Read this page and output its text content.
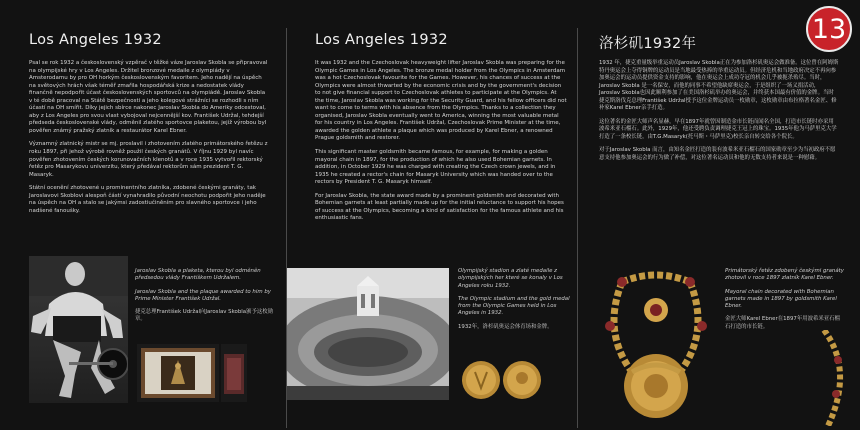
Los Angeles 1932

Psal se rok 1932 a československý vzpěrač v těžké váze Jaroslav Skobla se připravoval na olympijské hry v Los Angeles. Držitel bronzové medaile z olympiády v Amsterodamu by pro OH horkým československým favoritem. Jeho nadějí na úspěch na světových hrách však téměř zmařila hospodářská krize a nedostatek vlády finančně nepodpořit účast československých sportovců na olympiádě. Jaroslav Skobla v té době pracoval na Státě bezpečnosti a jeho kolegové strážníci se rozhodli s ním účastí na OH smířit. Díky jejich sbírce nakonec Jaroslav Skobla do Ameriky odcestoval, aby z Los Angeles pro svou vlast vybojoval nejcennější kov. František Udržal, tehdejší předseda československé vlády, odměnil zlatého sportovce plaketou, jejíž výrobou byl pověřen známý pražský zlatník a restaurátor Karel Ebner.

Významný zlatnický mistr se mj. proslavil i zhotovením zlatého primátorského řetězu z roku 1897, při jehož výrobě rovněž použil českých granátů. V říjnu 1929 byl navíc pověřen zhotovením českých korunovačních klenotů a v roce 1935 vytvořil rektorský řetěz pro Masarykovu univerzitu, který předával rektorům sám prezident T. G. Masaryk.

Státní ocenění zhotovené u prominentního zlatníka, zdobené českými granáty, tak Jaroslavovi Skoblovi alespoň částí vynahradilo původní neochotu podpořit jeho naděje na úspěch na OH a stalo se jakýmsi zadostiučiněním pro slavného sportovce i jeho nadšené fanoušky.

Jaroslav Skobla a plaketa, kterou byl odměněn předsedou vlády Františkem Udržalem.

Jaroslav Skobla and the plaque awarded to him by Prime Minister František Udržal.

捷克总理František Udržal向Jaroslav Skobla颁予这枚勋章。

Los Angeles 1932

It was 1932 and the Czechoslovak heavyweight lifter Jaroslav Skobla was preparing for the Olympic Games in Los Angeles. The bronze medal holder from the Olympics in Amsterdam was a hot Czechoslovak favourite for the Games. However, his chances of success at the Olympics were almost thwarted by the economic crisis and by the government's decision to not give financial support to Czechoslovak athletes to participate at the Olympics. At the time, Jaroslav Skobla was working for the Security Guard, and his fellow officers did not want to come to terms with his absence from the Olympics. Thanks to a collection they organised, Jaroslav Skobla eventually went to America, winning the most valuable metal for his country in Los Angeles. František Udržal, Czechoslovak Prime Minister at the time, awarded the golden athlete a plaque which was produced by Karel Ebner, a renowned Prague goldsmith and restorer.

This significant master goldsmith became famous, for example, for making a golden mayoral chain in 1897, for the production of which he also used Bohemian garnets. In addition, in October 1929 he was charged with creating the Czech crown jewels, and in 1935 he created a rector's chain for Masaryk University which was handed over to the rectors by President T. G. Masaryk himself.

For Jaroslav Skobla, the state award made by a prominent goldsmith and decorated with Bohemian garnets at least partially made up for the initial reluctance to support his hopes of success at the Olympics, becoming a kind of satisfaction for the famous athlete and his enthusiastic fans.

Olympijský stadion a zlaté medaile z olympijských her které se konaly v Los Angeles roku 1932.

The Olympic stadium and the gold medal from the Olympic Games held in Los Angeles in 1932.

1932年，洛杉矶奥运会体育场和金牌。

洛杉矶1932年

1932 年，捷克重量级举重运动员Jaroslav Skobla正在为参加洛杉矶奥运会做准备。这位曾在阿姆斯特丹奥运会上夺得铜牌的运动员是当地最受热捧的举重运动员。但经济危机和当地政府决定不再向参加奥运会的运动员提供资金支持的影响，他在奥运会上成功夺冠的机会几乎被扼杀殆尽。当时，Jaroslav Skobla 是一名保安，而他的同事不希望他缺席奥运会，于是组织了一场义捐活动，Jaroslav Skobla也因此顺利参加了在美国洛杉矶举办的奥运会，并终获本国最有价值的金牌。当时捷克斯洛伐克总理František Udržal授予这位金牌运动员一枚勋章，这枚勋章由布拉格著名金匠、修补家Karel Ebner亲手打造。

这位著名的金匠大师声名显赫，早在1897年就曾因制造金市长链而闻名全国，打造市长链时亦采用波希米亚石榴石。此外，1929年，他还受聘负责调理捷克王冠上的珠宝。1935年他为马萨里克大学打造了一条校长链，由T.G.Masaryk(托马斯・马萨里克)校长亲自转交给各个院长。

对于Jaroslav Skobla 而言，由知名金匠打造的装有波希米亚石榴石的国家勋章至少为当初政府不愿意支持他参加奥运会的行为做了补偿，对这位著名运动员和他的无数支持者来说是一种慰藉。

Primátorský řetěz zdobený českými granáty zhotovil v roce 1897 zlatník Karel Ebner.

Mayoral chain decorated with Bohemian garnets made in 1897 by goldsmith Karel Ebner.

金匠大师Karel Ebner在1897年用波希米亚石榴石打造的市长链。

13
